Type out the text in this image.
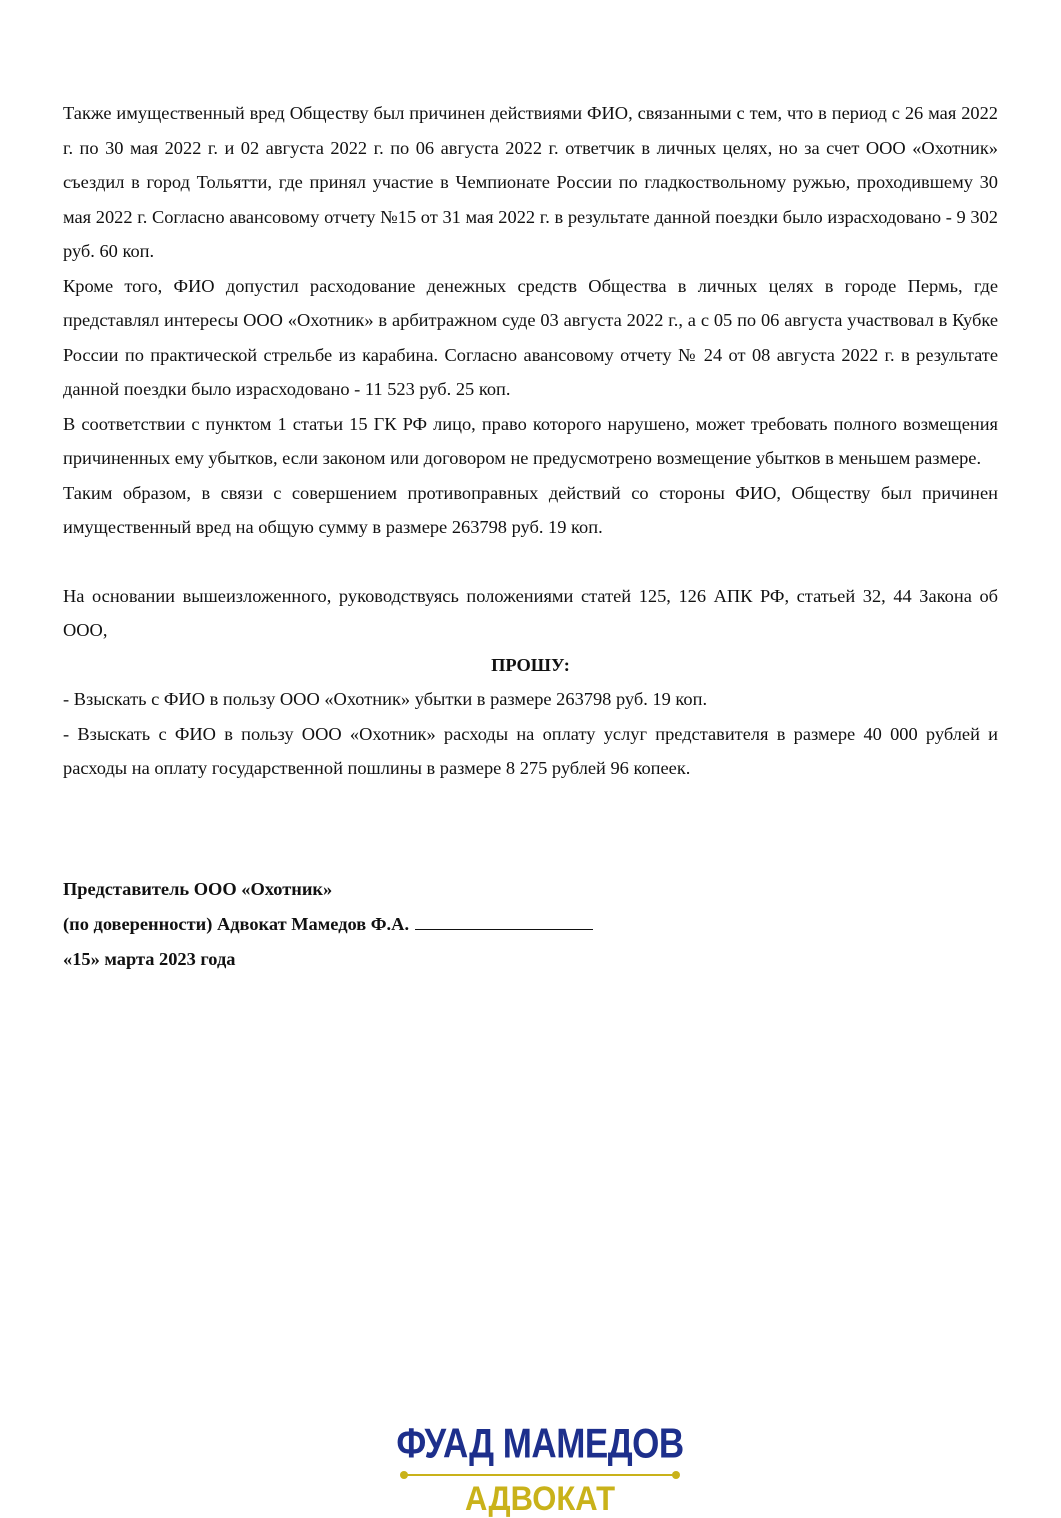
Также имущественный вред Обществу был причинен действиями ФИО, связанными с тем, что в период с 26 мая 2022 г. по 30 мая 2022 г. и 02 августа 2022 г. по 06 августа 2022 г. ответчик в личных целях, но за счет ООО «Охотник» съездил в город Тольятти, где принял участие в Чемпионате России по гладкоствольному ружью, проходившему 30 мая 2022 г. Согласно авансовому отчету №15 от 31 мая 2022 г. в результате данной поездки было израсходовано - 9 302 руб. 60 коп.

Кроме того, ФИО допустил расходование денежных средств Общества в личных целях в городе Пермь, где представлял интересы ООО «Охотник» в арбитражном суде 03 августа 2022 г., а с 05 по 06 августа участвовал в Кубке России по практической стрельбе из карабина. Согласно авансовому отчету № 24 от 08 августа 2022 г. в результате данной поездки было израсходовано - 11 523 руб. 25 коп.

В соответствии с пунктом 1 статьи 15 ГК РФ лицо, право которого нарушено, может требовать полного возмещения причиненных ему убытков, если законом или договором не предусмотрено возмещение убытков в меньшем размере.

Таким образом, в связи с совершением противоправных действий со стороны ФИО, Обществу был причинен имущественный вред на общую сумму в размере 263798 руб. 19 коп.

На основании вышеизложенного, руководствуясь положениями статей 125, 126 АПК РФ, статьей 32, 44 Закона об ООО,

ПРОШУ:

- Взыскать с ФИО в пользу ООО «Охотник» убытки в размере 263798 руб. 19 коп.

- Взыскать с ФИО в пользу ООО «Охотник» расходы на оплату услуг представителя в размере 40 000 рублей и расходы на оплату государственной пошлины в размере 8 275 рублей 96 копеек.

Представитель ООО «Охотник»

(по доверенности) Адвокат Мамедов Ф.А.

«15» марта 2023 года

ФУАД МАМЕДОВ
АДВОКАТ
